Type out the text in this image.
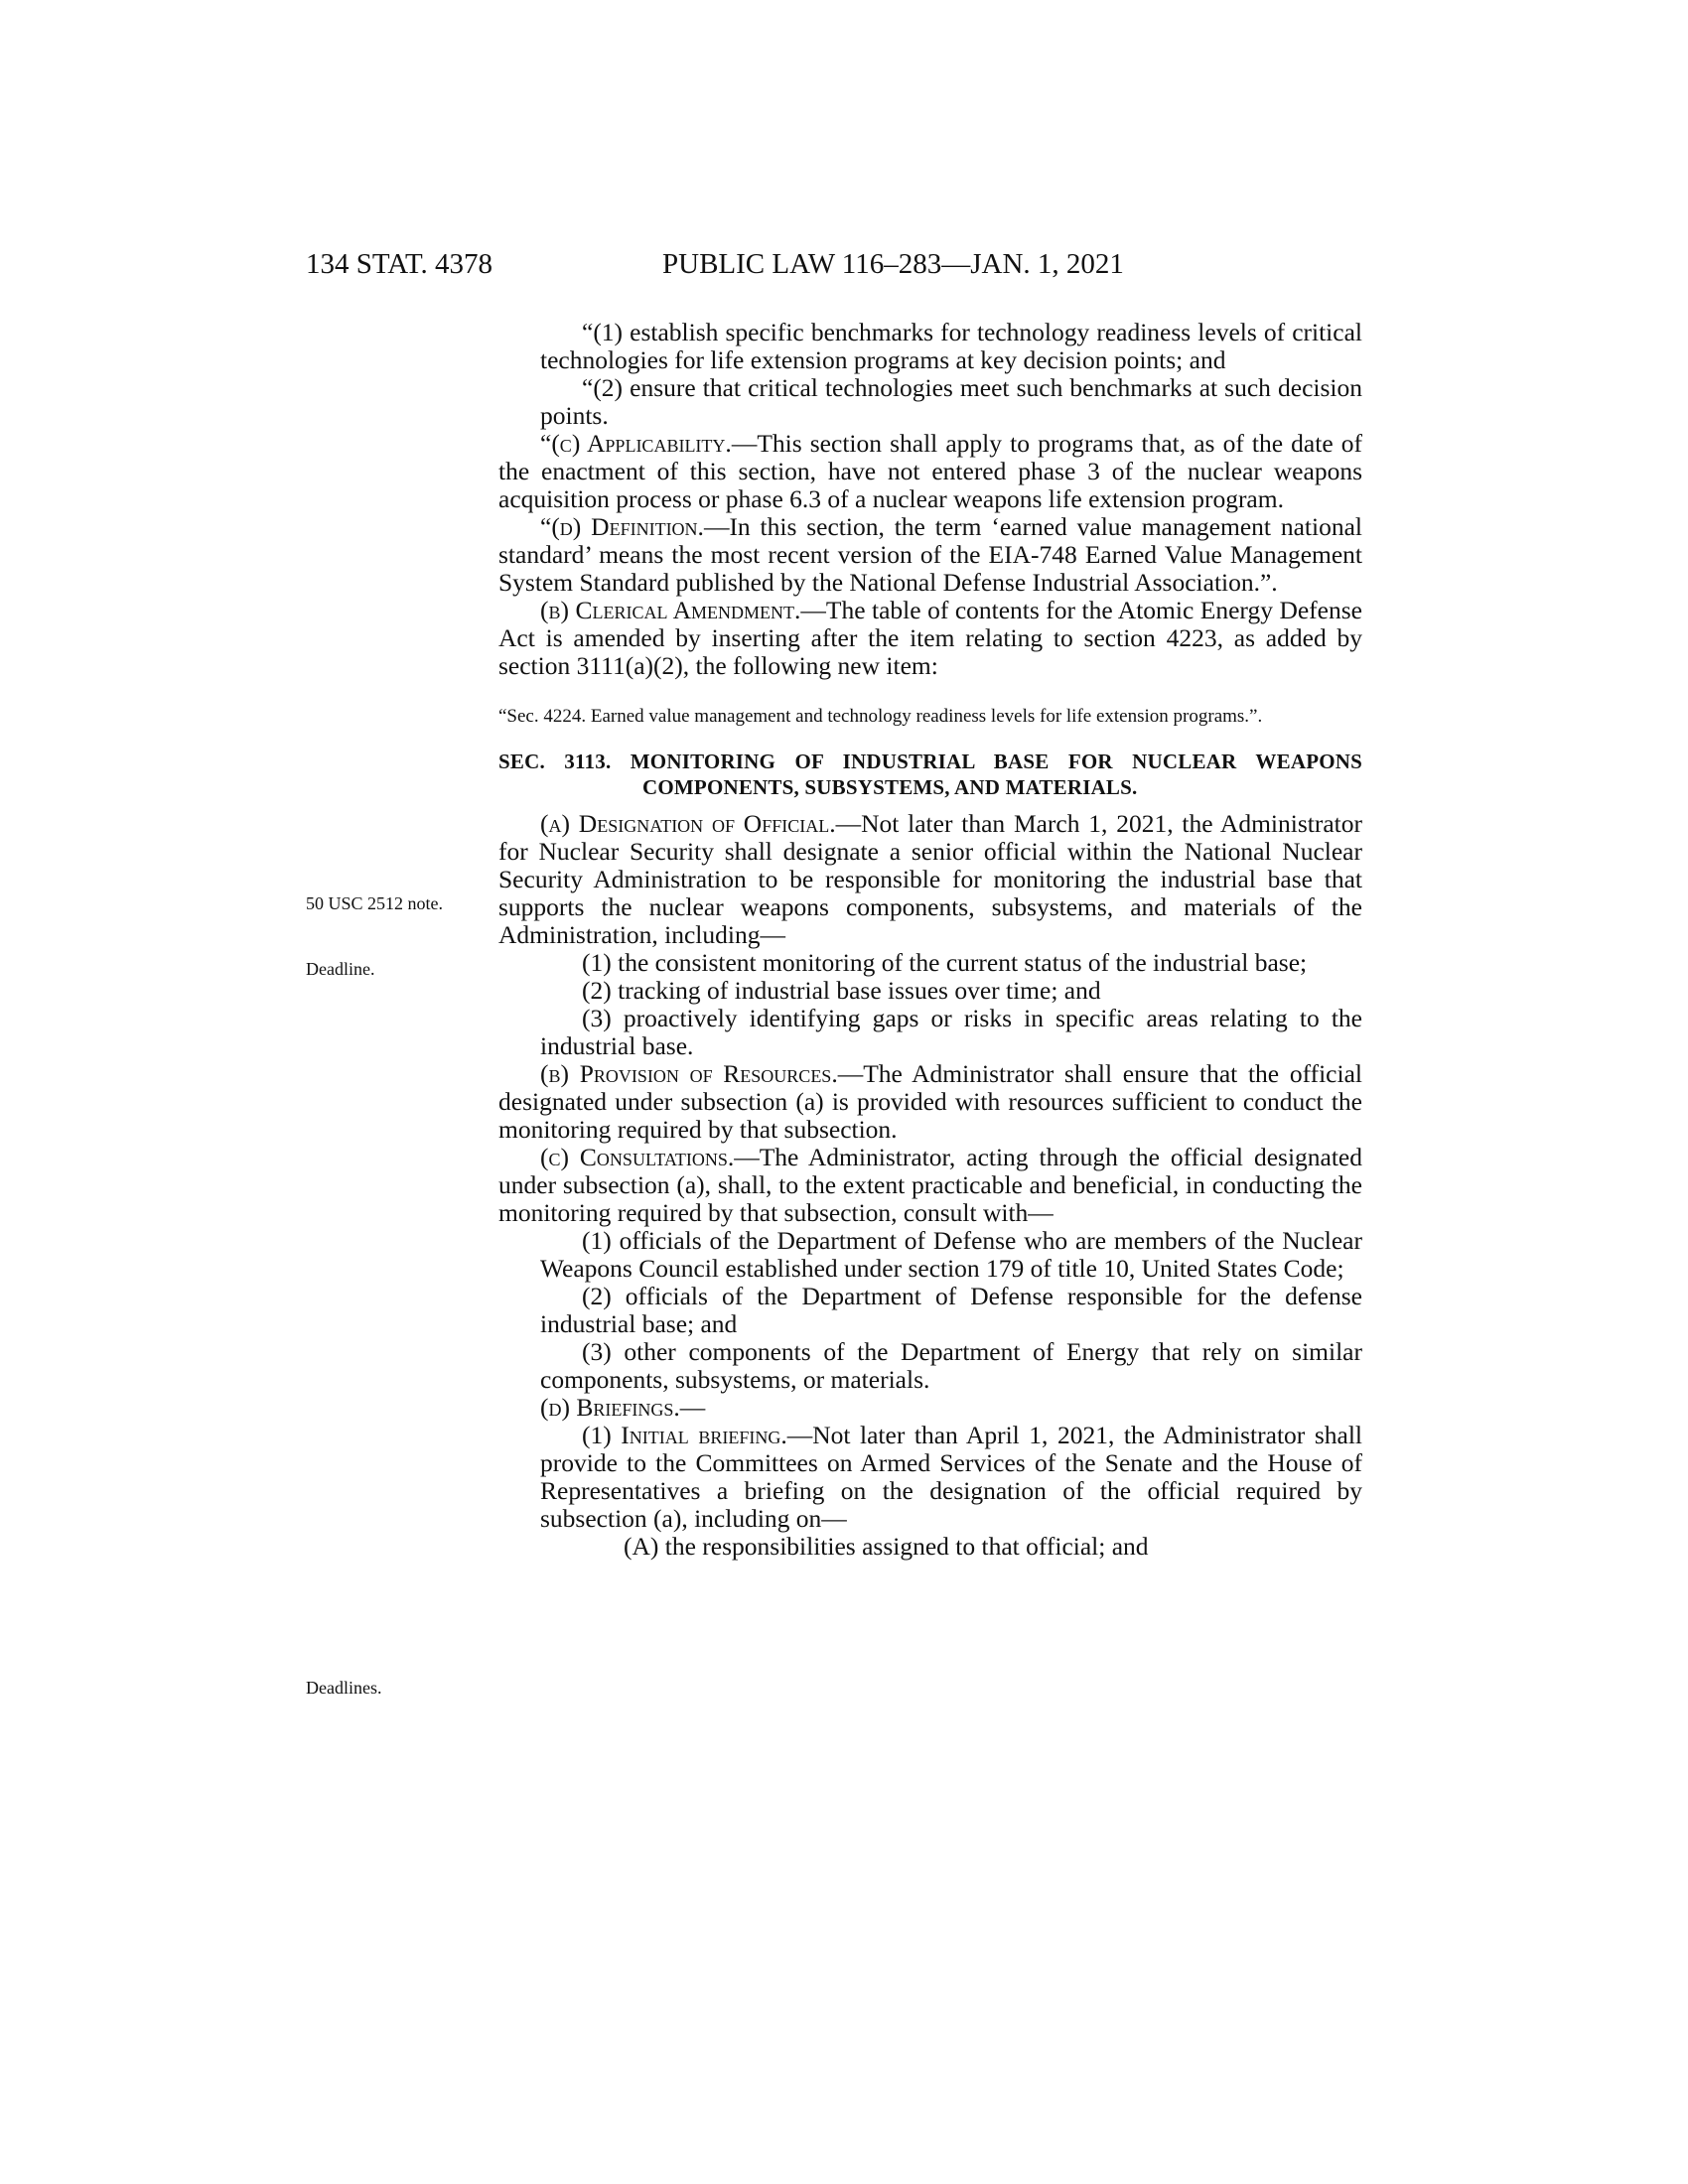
134 STAT. 4378	PUBLIC LAW 116–283—JAN. 1, 2021
50 USC 2512 note.
Deadline.
Deadlines.

“(1) establish specific benchmarks for technology readiness levels of critical technologies for life extension programs at key decision points; and

“(2) ensure that critical technologies meet such benchmarks at such decision points.

“(c) Applicability.—This section shall apply to programs that, as of the date of the enactment of this section, have not entered phase 3 of the nuclear weapons acquisition process or phase 6.3 of a nuclear weapons life extension program.

“(d) Definition.—In this section, the term ‘earned value management national standard’ means the most recent version of the EIA-748 Earned Value Management System Standard published by the National Defense Industrial Association.”.

(b) Clerical Amendment.—The table of contents for the Atomic Energy Defense Act is amended by inserting after the item relating to section 4223, as added by section 3111(a)(2), the following new item:

“Sec. 4224. Earned value management and technology readiness levels for life extension programs.”.

SEC. 3113. MONITORING OF INDUSTRIAL BASE FOR NUCLEAR WEAPONS COMPONENTS, SUBSYSTEMS, AND MATERIALS.

(a) Designation of Official.—Not later than March 1, 2021, the Administrator for Nuclear Security shall designate a senior official within the National Nuclear Security Administration to be responsible for monitoring the industrial base that supports the nuclear weapons components, subsystems, and materials of the Administration, including—

(1) the consistent monitoring of the current status of the industrial base;

(2) tracking of industrial base issues over time; and

(3) proactively identifying gaps or risks in specific areas relating to the industrial base.

(b) Provision of Resources.—The Administrator shall ensure that the official designated under subsection (a) is provided with resources sufficient to conduct the monitoring required by that subsection.

(c) Consultations.—The Administrator, acting through the official designated under subsection (a), shall, to the extent practicable and beneficial, in conducting the monitoring required by that subsection, consult with—

(1) officials of the Department of Defense who are members of the Nuclear Weapons Council established under section 179 of title 10, United States Code;

(2) officials of the Department of Defense responsible for the defense industrial base; and

(3) other components of the Department of Energy that rely on similar components, subsystems, or materials.

(d) Briefings.—

(1) Initial briefing.—Not later than April 1, 2021, the Administrator shall provide to the Committees on Armed Services of the Senate and the House of Representatives a briefing on the designation of the official required by subsection (a), including on—

(A) the responsibilities assigned to that official; and
